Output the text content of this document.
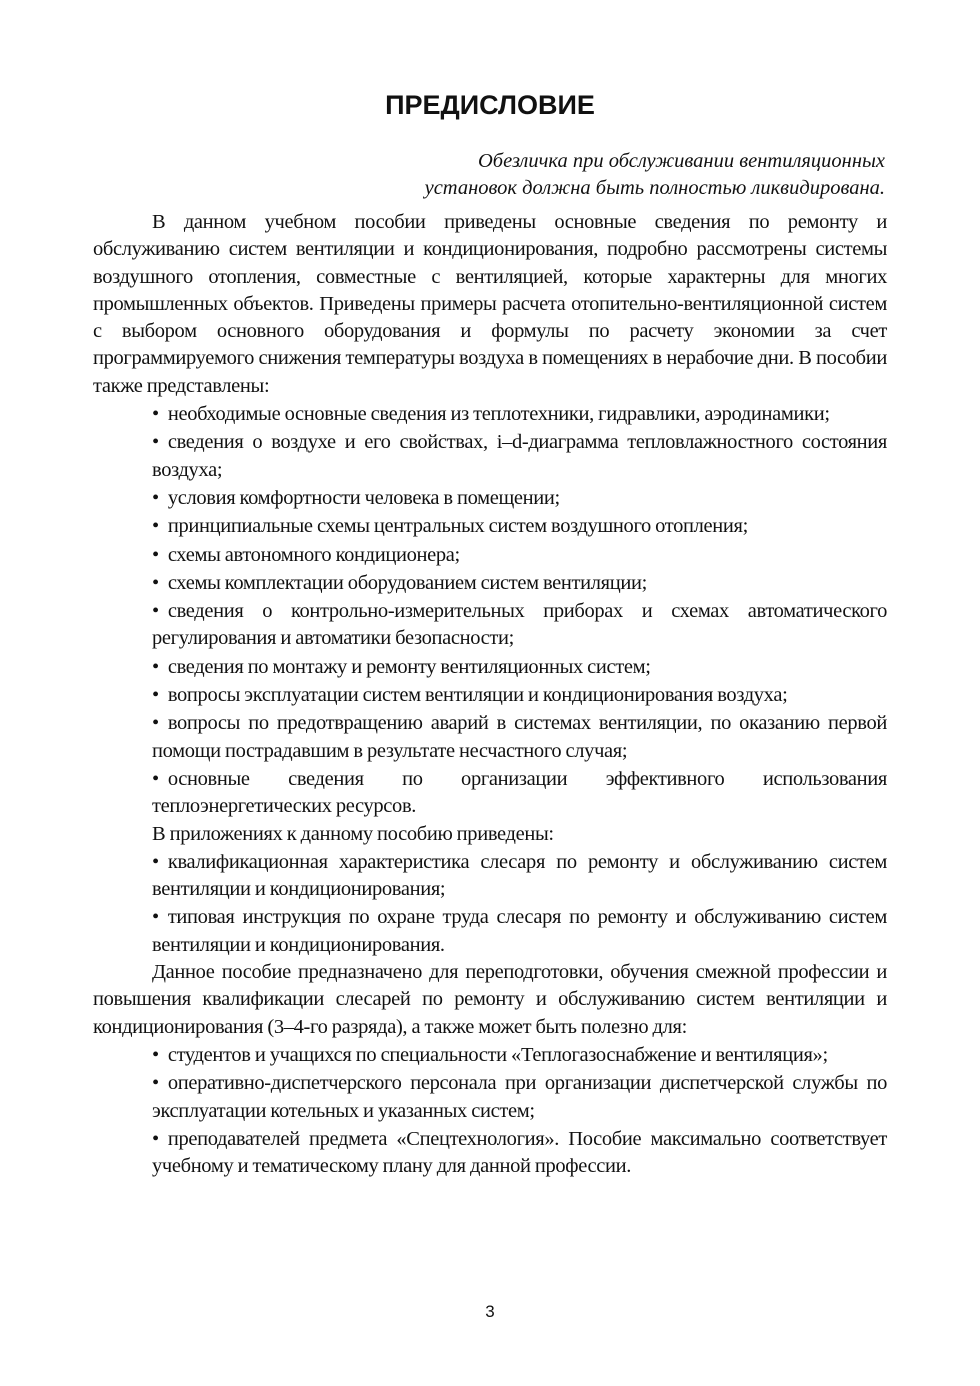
ПРЕДИСЛОВИЕ
Обезличка при обслуживании вентиляционных
установок должна быть полностью ликвидирована.

В данном учебном пособии приведены основные сведения по ремонту и обслуживанию систем вентиляции и кондиционирования, подробно рассмотрены системы воздушного отопления, совместные с вентиляцией, которые характерны для многих промышленных объектов. Приведены примеры расчета отопительно-вентиляционной систем с выбором основного оборудования и формулы по расчету экономии за счет программируемого снижения температуры воздуха в помещениях в нерабочие дни. В пособии также представлены:

• необходимые основные сведения из теплотехники, гидравлики, аэродинамики;

• сведения о воздухе и его свойствах, i–d-диаграмма тепловлажностного состояния воздуха;

• условия комфортности человека в помещении;

• принципиальные схемы центральных систем воздушного отопления;

• схемы автономного кондиционера;

• схемы комплектации оборудованием систем вентиляции;

• сведения о контрольно-измерительных приборах и схемах автоматического регулирования и автоматики безопасности;

• сведения по монтажу и ремонту вентиляционных систем;

• вопросы эксплуатации систем вентиляции и кондиционирования воздуха;

• вопросы по предотвращению аварий в системах вентиляции, по оказанию первой помощи пострадавшим в результате несчастного случая;

• основные сведения по организации эффективного использования теплоэнергетических ресурсов.

В приложениях к данному пособию приведены:

• квалификационная характеристика слесаря по ремонту и обслуживанию систем вентиляции и кондиционирования;

• типовая инструкция по охране труда слесаря по ремонту и обслуживанию систем вентиляции и кондиционирования.

Данное пособие предназначено для переподготовки, обучения смежной профессии и повышения квалификации слесарей по ремонту и обслуживанию систем вентиляции и кондиционирования (3–4-го разряда), а также может быть полезно для:

• студентов и учащихся по специальности «Теплогазоснабжение и вентиляция»;

• оперативно-диспетчерского персонала при организации диспетчерской службы по эксплуатации котельных и указанных систем;

• преподавателей предмета «Спецтехнология». Пособие максимально соответствует учебному и тематическому плану для данной профессии.

3
